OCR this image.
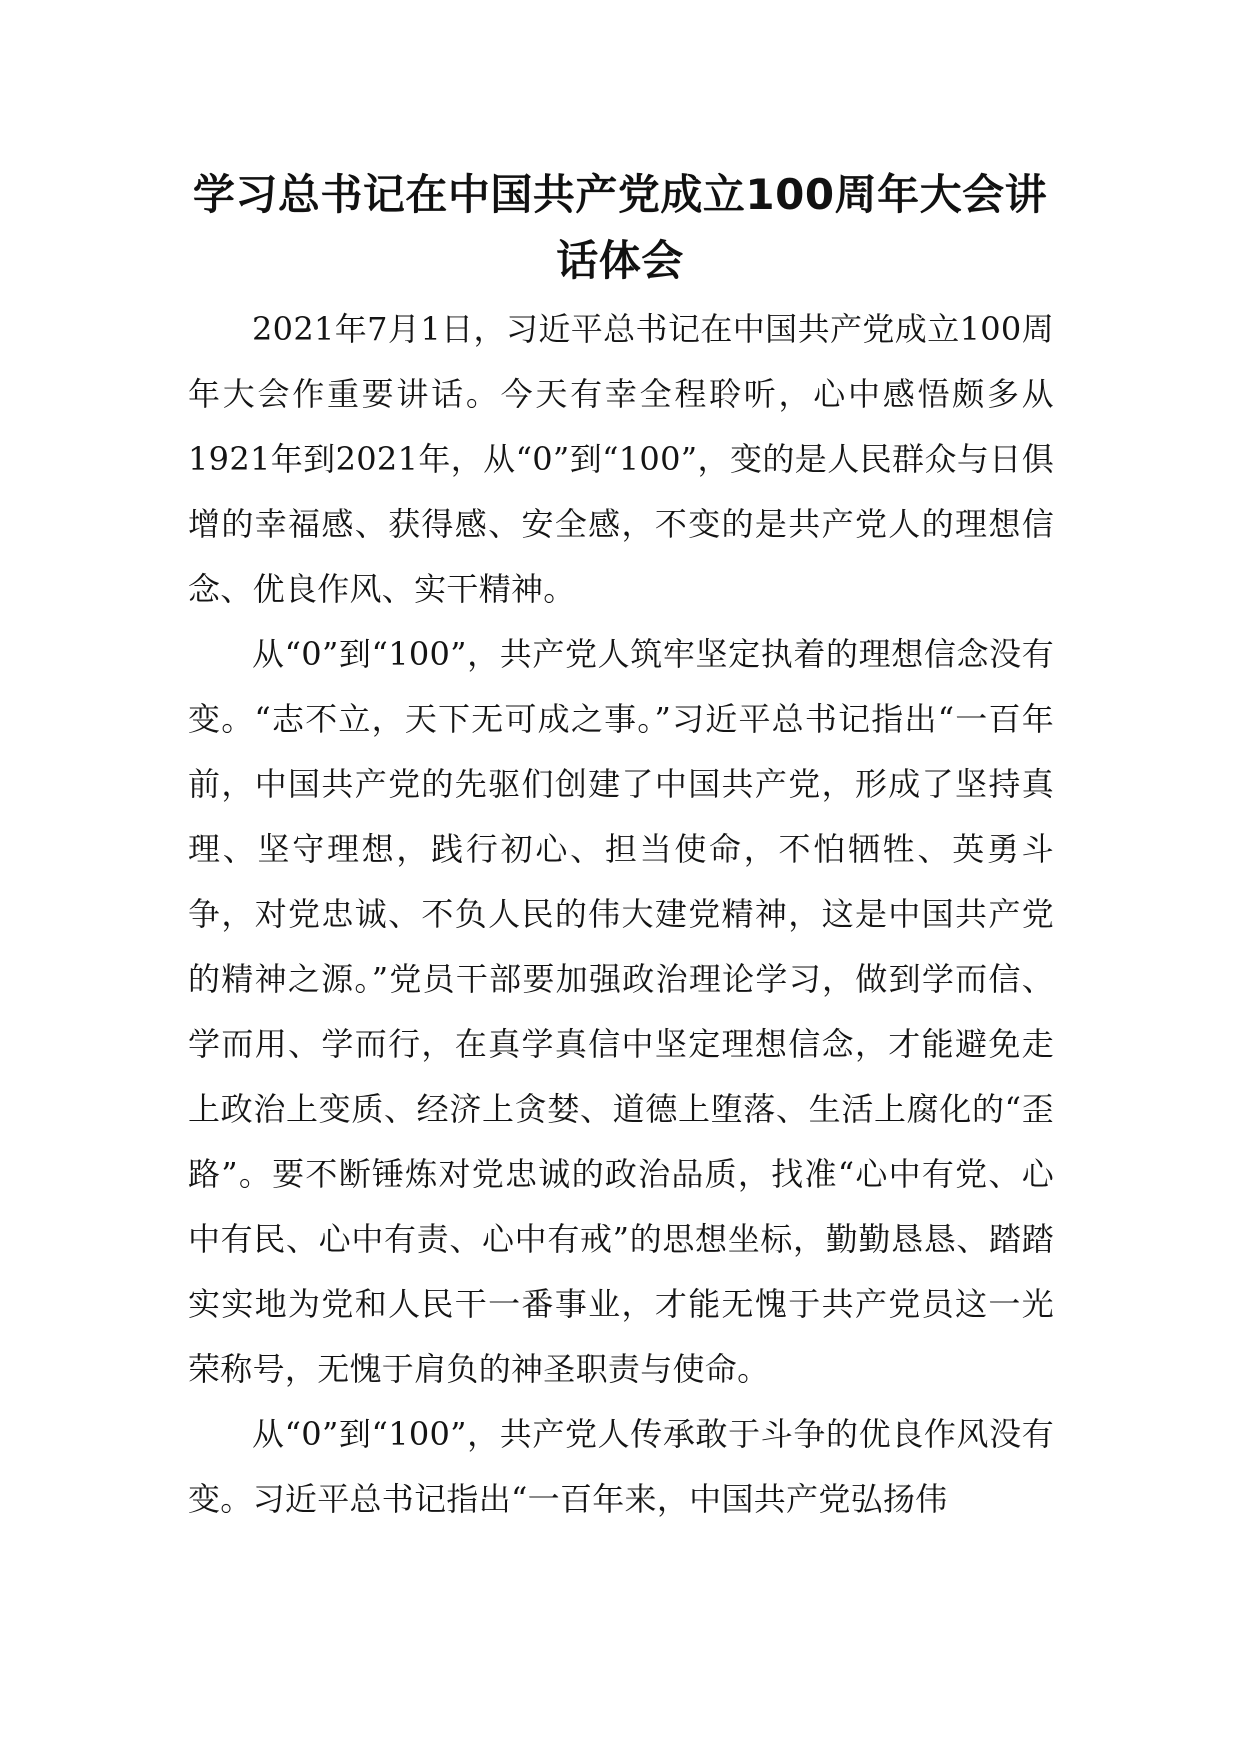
学习总书记在中国共产党成立100周年大会讲话体会

2021年7月1日，习近平总书记在中国共产党成立100周年大会作重要讲话。今天有幸全程聆听，心中感悟颇多从1921年到2021年，从“0”到“100”，变的是人民群众与日俱增的幸福感、获得感、安全感，不变的是共产党人的理想信念、优良作风、实干精神。

从“0”到“100”，共产党人筑牢坚定执着的理想信念没有变。“志不立，天下无可成之事。”习近平总书记指出“一百年前，中国共产党的先驱们创建了中国共产党，形成了坚持真理、坚守理想，践行初心、担当使命，不怕牺牲、英勇斗争，对党忠诚、不负人民的伟大建党精神，这是中国共产党的精神之源。”党员干部要加强政治理论学习，做到学而信、学而用、学而行，在真学真信中坚定理想信念，才能避免走上政治上变质、经济上贪婪、道德上堕落、生活上腐化的“歪路”。要不断锤炼对党忠诚的政治品质，找准“心中有党、心中有民、心中有责、心中有戒”的思想坐标，勤勤恳恳、踏踏实实地为党和人民干一番事业，才能无愧于共产党员这一光荣称号，无愧于肩负的神圣职责与使命。

从“0”到“100”，共产党人传承敢于斗争的优良作风没有变。习近平总书记指出“一百年来，中国共产党弘扬伟
